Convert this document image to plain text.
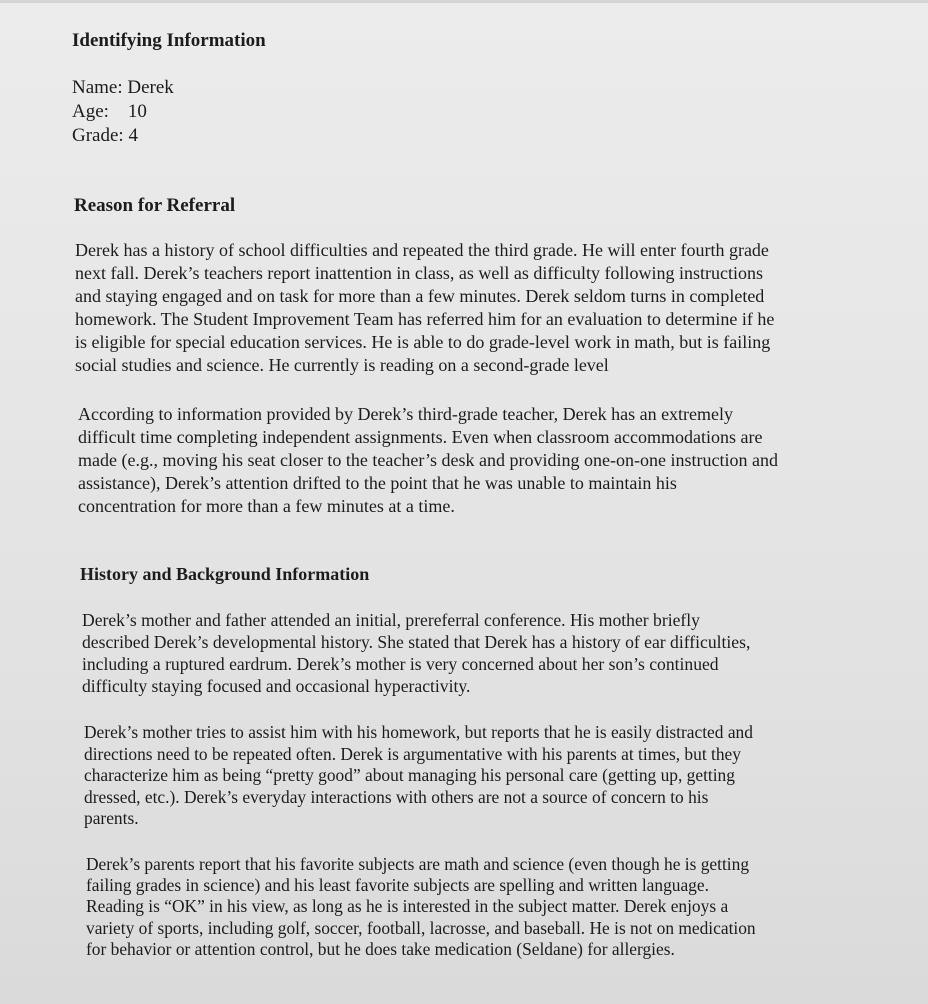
Identifying Information
Name: Derek
Age:    10
Grade: 4
Reason for Referral
Derek has a history of school difficulties and repeated the third grade. He will enter fourth grade
next fall. Derek’s teachers report inattention in class, as well as difficulty following instructions
and staying engaged and on task for more than a few minutes. Derek seldom turns in completed
homework. The Student Improvement Team has referred him for an evaluation to determine if he
is eligible for special education services. He is able to do grade-level work in math, but is failing
social studies and science. He currently is reading on a second-grade level
According to information provided by Derek’s third-grade teacher, Derek has an extremely
difficult time completing independent assignments. Even when classroom accommodations are
made (e.g., moving his seat closer to the teacher’s desk and providing one-on-one instruction and
assistance), Derek’s attention drifted to the point that he was unable to maintain his
concentration for more than a few minutes at a time.
History and Background Information
Derek’s mother and father attended an initial, prereferral conference. His mother briefly
described Derek’s developmental history. She stated that Derek has a history of ear difficulties,
including a ruptured eardrum. Derek’s mother is very concerned about her son’s continued
difficulty staying focused and occasional hyperactivity.
Derek’s mother tries to assist him with his homework, but reports that he is easily distracted and
directions need to be repeated often. Derek is argumentative with his parents at times, but they
characterize him as being “pretty good” about managing his personal care (getting up, getting
dressed, etc.). Derek’s everyday interactions with others are not a source of concern to his
parents.
Derek’s parents report that his favorite subjects are math and science (even though he is getting
failing grades in science) and his least favorite subjects are spelling and written language.
Reading is “OK” in his view, as long as he is interested in the subject matter. Derek enjoys a
variety of sports, including golf, soccer, football, lacrosse, and baseball. He is not on medication
for behavior or attention control, but he does take medication (Seldane) for allergies.
